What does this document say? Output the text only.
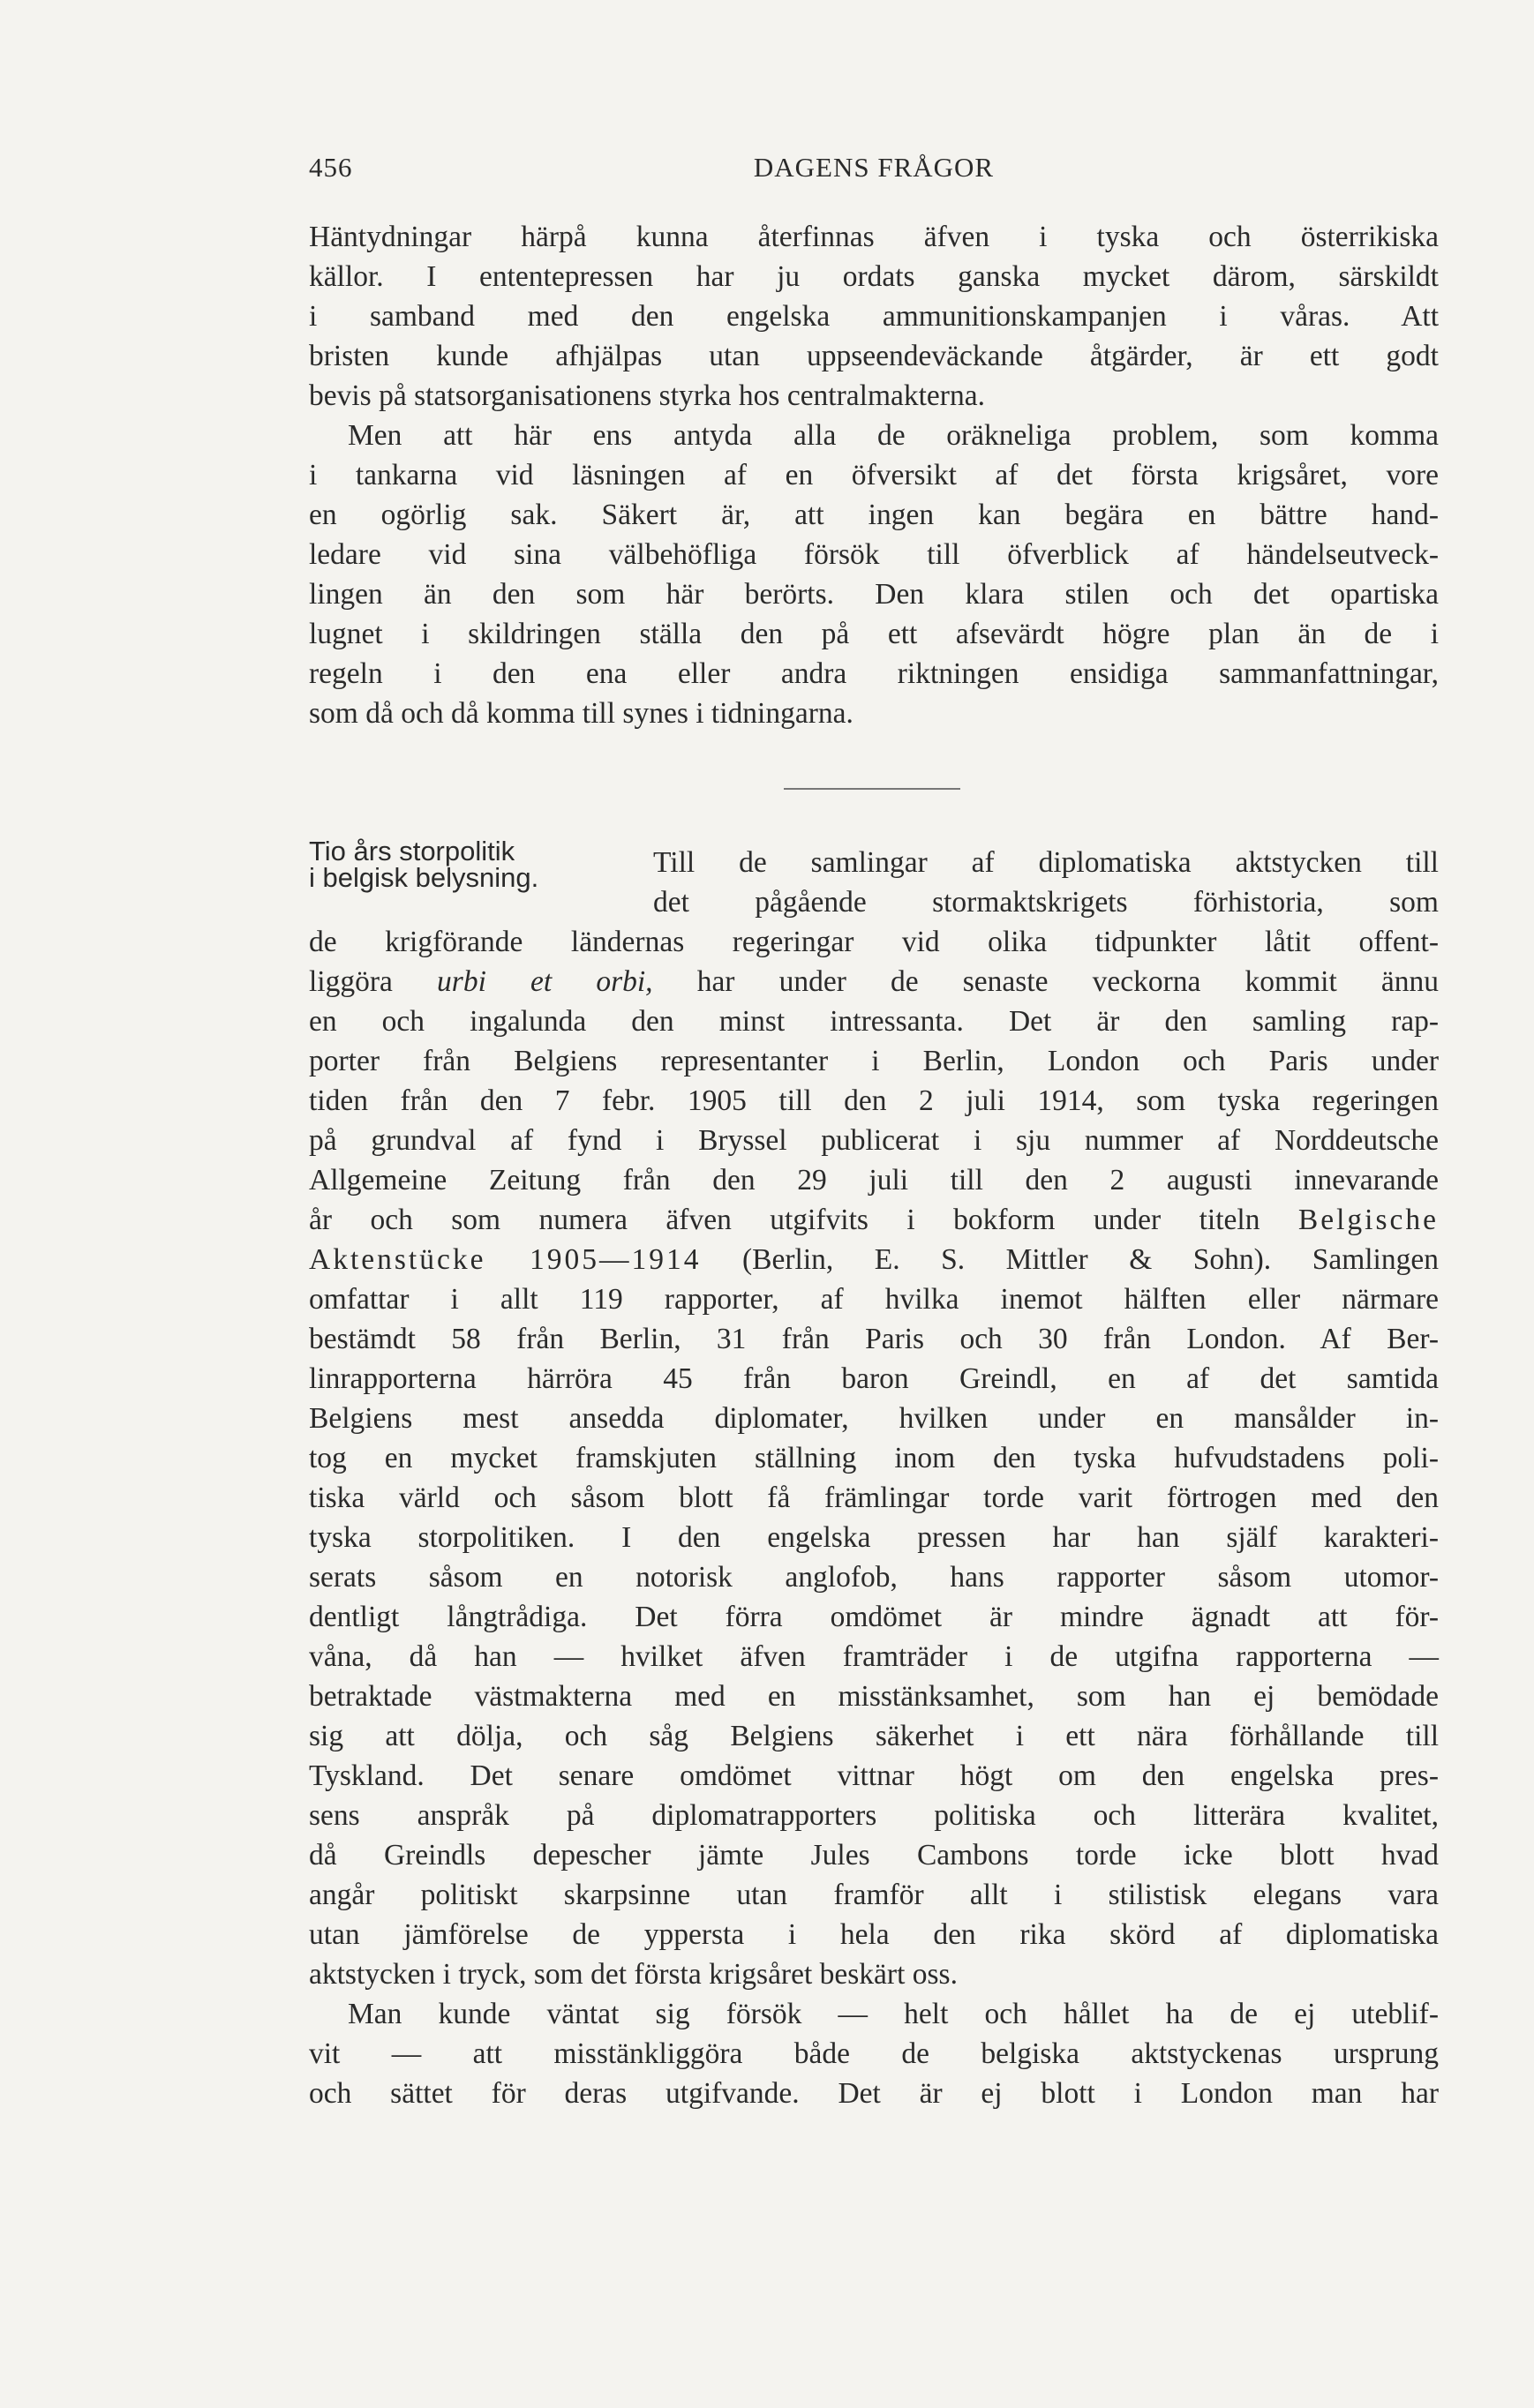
456	DAGENS FRÅGOR
Häntydningar härpå kunna återfinnas äfven i tyska och österrikiska
källor. I ententepressen har ju ordats ganska mycket därom, särskildt
i samband med den engelska ammunitionskampanjen i våras. Att
bristen kunde afhjälpas utan uppseendeväckande åtgärder, är ett godt
bevis på statsorganisationens styrka hos centralmakterna.
Men att här ens antyda alla de oräkneliga problem, som komma
i tankarna vid läsningen af en öfversikt af det första krigsåret, vore
en ogörlig sak. Säkert är, att ingen kan begära en bättre hand-
ledare vid sina välbehöfliga försök till öfverblick af händelseutveck-
lingen än den som här berörts. Den klara stilen och det opartiska
lugnet i skildringen ställa den på ett afsevärdt högre plan än de i
regeln i den ena eller andra riktningen ensidiga sammanfattningar,
som då och då komma till synes i tidningarna.
Tio års storpolitik
i belgisk belysning.	Till de samlingar af diplomatiska aktstycken till
det pågående stormaktskrigets förhistoria, som
de krigförande ländernas regeringar vid olika tidpunkter låtit offent-
liggöra urbi et orbi, har under de senaste veckorna kommit ännu
en och ingalunda den minst intressanta. Det är den samling rap-
porter från Belgiens representanter i Berlin, London och Paris under
tiden från den 7 febr. 1905 till den 2 juli 1914, som tyska regeringen
på grundval af fynd i Bryssel publicerat i sju nummer af Norddeutsche
Allgemeine Zeitung från den 29 juli till den 2 augusti innevarande
år och som numera äfven utgifvits i bokform under titeln Belgische
Aktenstücke 1905—1914 (Berlin, E. S. Mittler & Sohn). Samlingen
omfattar i allt 119 rapporter, af hvilka inemot hälften eller närmare
bestämdt 58 från Berlin, 31 från Paris och 30 från London. Af Ber-
linrapporterna härröra 45 från baron Greindl, en af det samtida
Belgiens mest ansedda diplomater, hvilken under en mansålder in-
tog en mycket framskjuten ställning inom den tyska hufvudstadens poli-
tiska värld och såsom blott få främlingar torde varit förtrogen med den
tyska storpolitiken. I den engelska pressen har han själf karakteri-
serats såsom en notorisk anglofob, hans rapporter såsom utomor-
dentligt långtrådiga. Det förra omdömet är mindre ägnadt att för-
våna, då han — hvilket äfven framträder i de utgifna rapporterna —
betraktade västmakterna med en misstänksamhet, som han ej bemödade
sig att dölja, och såg Belgiens säkerhet i ett nära förhållande till
Tyskland. Det senare omdömet vittnar högt om den engelska pres-
sens anspråk på diplomatrapporters politiska och litterära kvalitet,
då Greindls depescher jämte Jules Cambons torde icke blott hvad
angår politiskt skarpsinne utan framför allt i stilistisk elegans vara
utan jämförelse de yppersta i hela den rika skörd af diplomatiska
aktstycken i tryck, som det första krigsåret beskärt oss.
Man kunde väntat sig försök — helt och hållet ha de ej uteblif-
vit — att misstänkliggöra både de belgiska aktstyckenas ursprung
och sättet för deras utgifvande. Det är ej blott i London man har
